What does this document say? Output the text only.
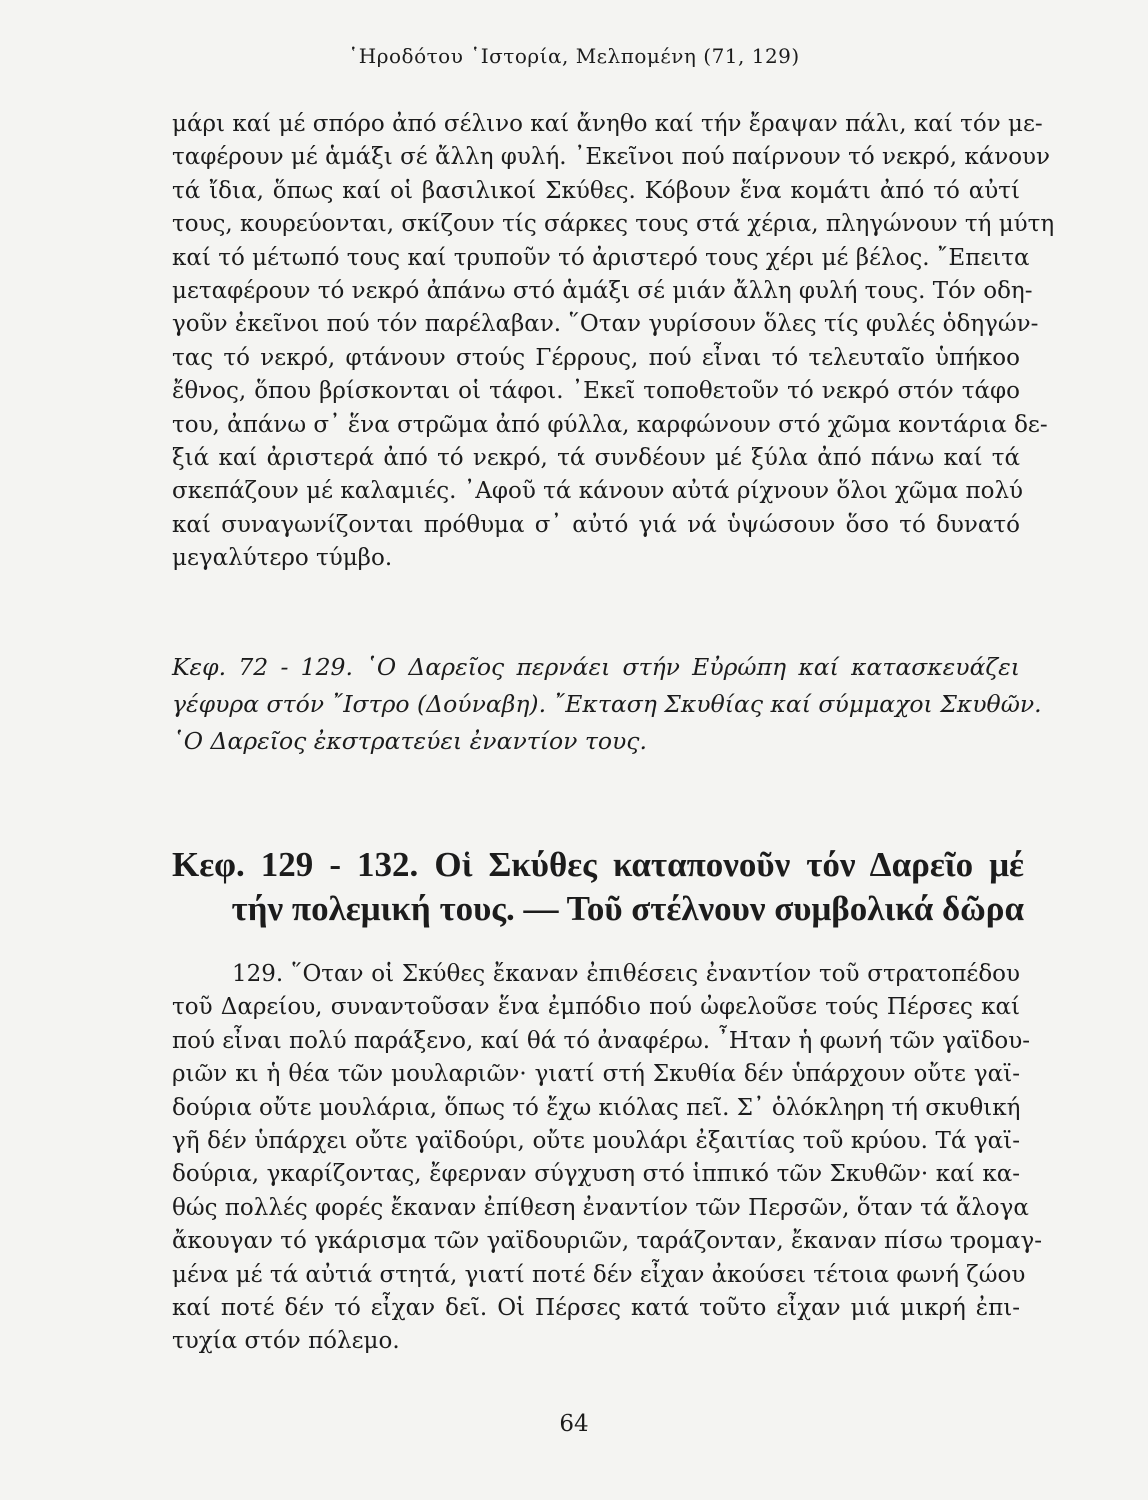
῾Ηροδότου ῾Ιστορία, Μελπομένη (71, 129)
μάρι καί μέ σπόρο ἀπό σέλινο καί ἄνηθο καί τήν ἔραψαν πάλι, καί τόν με-
ταφέρουν μέ ἁμάξι σέ ἄλλη φυλή. ᾿Εκεῖνοι πού παίρνουν τό νεκρό, κάνουν
τά ἴδια, ὅπως καί οἱ βασιλικοί Σκύθες. Κόβουν ἕνα κομάτι ἀπό τό αὐτί
τους, κουρεύονται, σκίζουν τίς σάρκες τους στά χέρια, πληγώνουν τή μύτη
καί τό μέτωπό τους καί τρυποῦν τό ἀριστερό τους χέρι μέ βέλος. ῎Επειτα
μεταφέρουν τό νεκρό ἀπάνω στό ἁμάξι σέ μιάν ἄλλη φυλή τους. Τόν οδη-
γοῦν ἐκεῖνοι πού τόν παρέλαβαν. ῞Οταν γυρίσουν ὅλες τίς φυλές ὁδηγών-
τας τό νεκρό, φτάνουν στούς Γέρρους, πού εἶναι τό τελευταῖο ὑπήκοο
ἔθνος, ὅπου βρίσκονται οἱ τάφοι. ᾿Εκεῖ τοποθετοῦν τό νεκρό στόν τάφο
του, ἀπάνω σ᾿ ἕνα στρῶμα ἀπό φύλλα, καρφώνουν στό χῶμα κοντάρια δε-
ξιά καί ἀριστερά ἀπό τό νεκρό, τά συνδέουν μέ ξύλα ἀπό πάνω καί τά
σκεπάζουν μέ καλαμιές. ᾿Αφοῦ τά κάνουν αὐτά ρίχνουν ὅλοι χῶμα πολύ
καί συναγωνίζονται πρόθυμα σ᾿ αὐτό γιά νά ὑψώσουν ὅσο τό δυνατό
μεγαλύτερο τύμβο.
Κεφ. 72 - 129. ῾Ο Δαρεῖος περνάει στήν Εὐρώπη καί κατασκευάζει
γέφυρα στόν ῎Ιστρο (Δούναβη). ῎Εκταση Σκυθίας καί σύμμαχοι Σκυθῶν.
῾Ο Δαρεῖος ἐκστρατεύει ἐναντίον τους.
Κεφ. 129 - 132. Οἱ Σκύθες καταπονοῦν τόν Δαρεῖο μέ
τήν πολεμική τους. — Τοῦ στέλνουν συμβολικά δῶρα
129. ῞Οταν οἱ Σκύθες ἔκαναν ἐπιθέσεις ἐναντίον τοῦ στρατοπέδου
τοῦ Δαρείου, συναντοῦσαν ἕνα ἐμπόδιο πού ὠφελοῦσε τούς Πέρσες καί
πού εἶναι πολύ παράξενο, καί θά τό ἀναφέρω. ῏Ηταν ἡ φωνή τῶν γαϊδου-
ριῶν κι ἡ θέα τῶν μουλαριῶν· γιατί στή Σκυθία δέν ὑπάρχουν οὔτε γαϊ-
δούρια οὔτε μουλάρια, ὅπως τό ἔχω κιόλας πεῖ. Σ᾿ ὁλόκληρη τή σκυθική
γῆ δέν ὑπάρχει οὔτε γαϊδούρι, οὔτε μουλάρι ἐξαιτίας τοῦ κρύου. Τά γαϊ-
δούρια, γκαρίζοντας, ἔφερναν σύγχυση στό ἱππικό τῶν Σκυθῶν· καί κα-
θώς πολλές φορές ἔκαναν ἐπίθεση ἐναντίον τῶν Περσῶν, ὅταν τά ἄλογα
ἄκουγαν τό γκάρισμα τῶν γαϊδουριῶν, ταράζονταν, ἔκαναν πίσω τρομαγ-
μένα μέ τά αὐτιά στητά, γιατί ποτέ δέν εἶχαν ἀκούσει τέτοια φωνή ζώου
καί ποτέ δέν τό εἶχαν δεῖ. Οἱ Πέρσες κατά τοῦτο εἶχαν μιά μικρή ἐπι-
τυχία στόν πόλεμο.
64
